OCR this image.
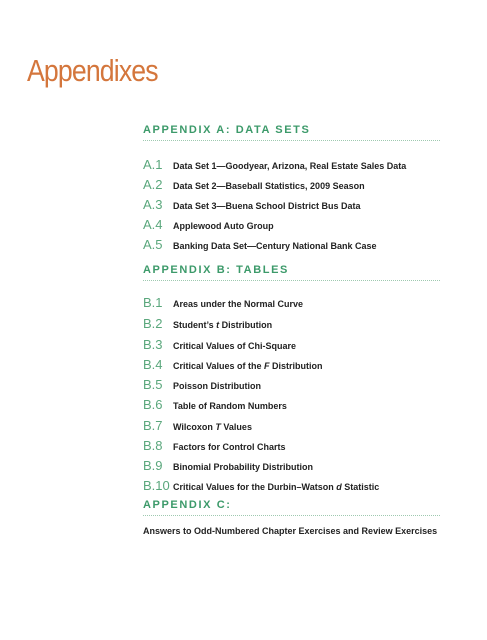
Appendixes
APPENDIX A: DATA SETS
A.1	Data Set 1—Goodyear, Arizona, Real Estate Sales Data
A.2	Data Set 2—Baseball Statistics, 2009 Season
A.3	Data Set 3—Buena School District Bus Data
A.4	Applewood Auto Group
A.5	Banking Data Set—Century National Bank Case
APPENDIX B: TABLES
B.1	Areas under the Normal Curve
B.2	Student’s t Distribution
B.3	Critical Values of Chi-Square
B.4	Critical Values of the F Distribution
B.5	Poisson Distribution
B.6	Table of Random Numbers
B.7	Wilcoxon T Values
B.8	Factors for Control Charts
B.9	Binomial Probability Distribution
B.10 Critical Values for the Durbin–Watson d Statistic
APPENDIX C:
Answers to Odd-Numbered Chapter Exercises and Review Exercises
